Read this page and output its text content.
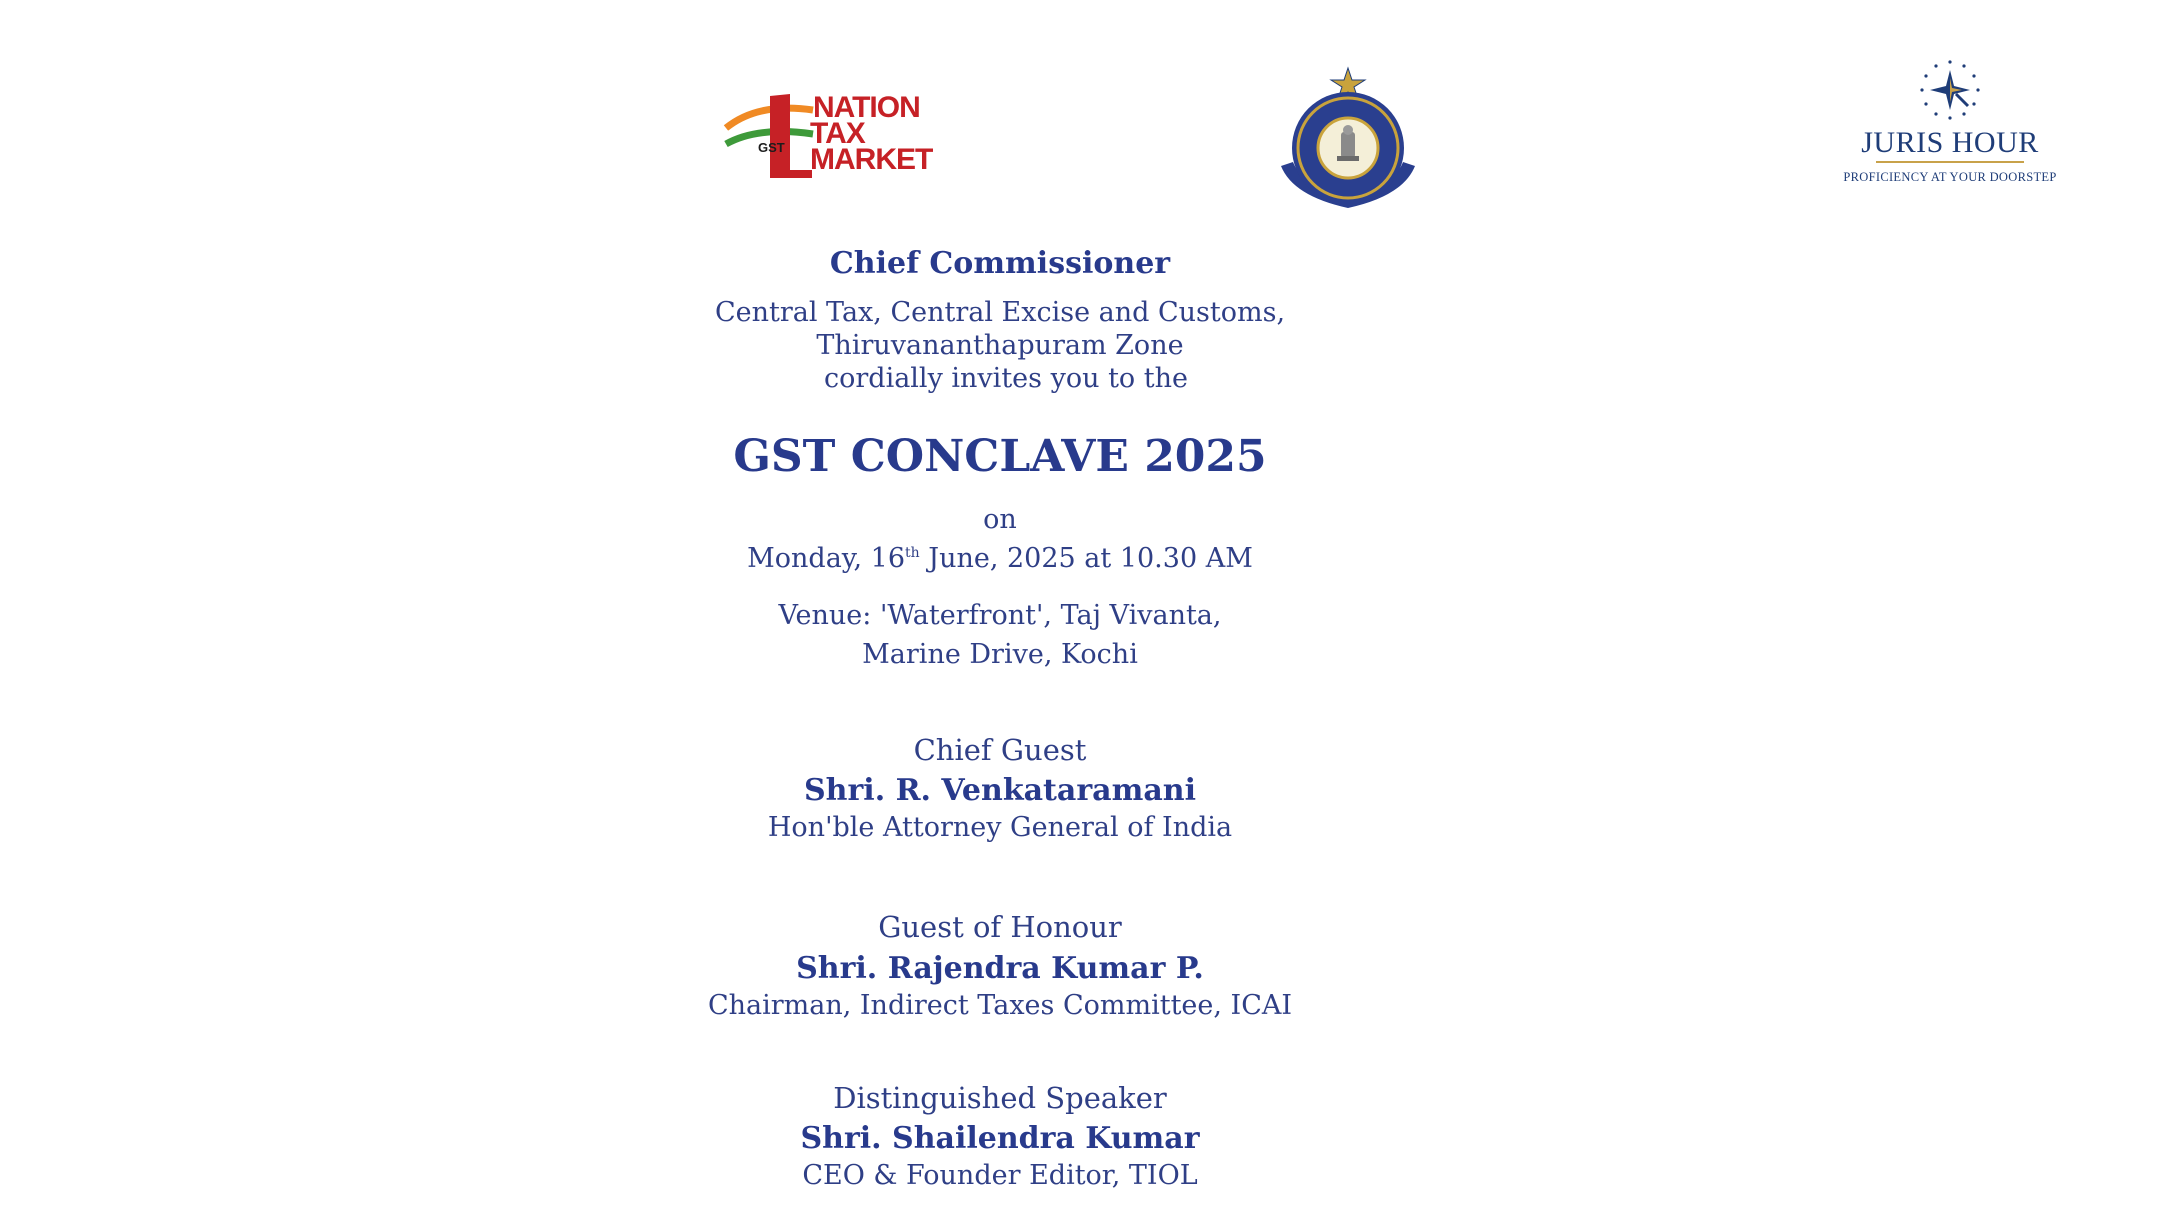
GST
NATION
TAX
MARKET
JURIS HOUR
PROFICIENCY AT YOUR DOORSTEP
Chief Commissioner
Central Tax, Central Excise and Customs,
Thiruvananthapuram Zone
cordially invites you to the
GST CONCLAVE 2025
on
Monday, 16th June, 2025 at 10.30 AM
Venue: 'Waterfront', Taj Vivanta,
Marine Drive, Kochi
Chief Guest
Shri. R. Venkataramani
Hon'ble Attorney General of India
Guest of Honour
Shri. Rajendra Kumar P.
Chairman, Indirect Taxes Committee, ICAI
Distinguished Speaker
Shri. Shailendra Kumar
CEO & Founder Editor, TIOL
